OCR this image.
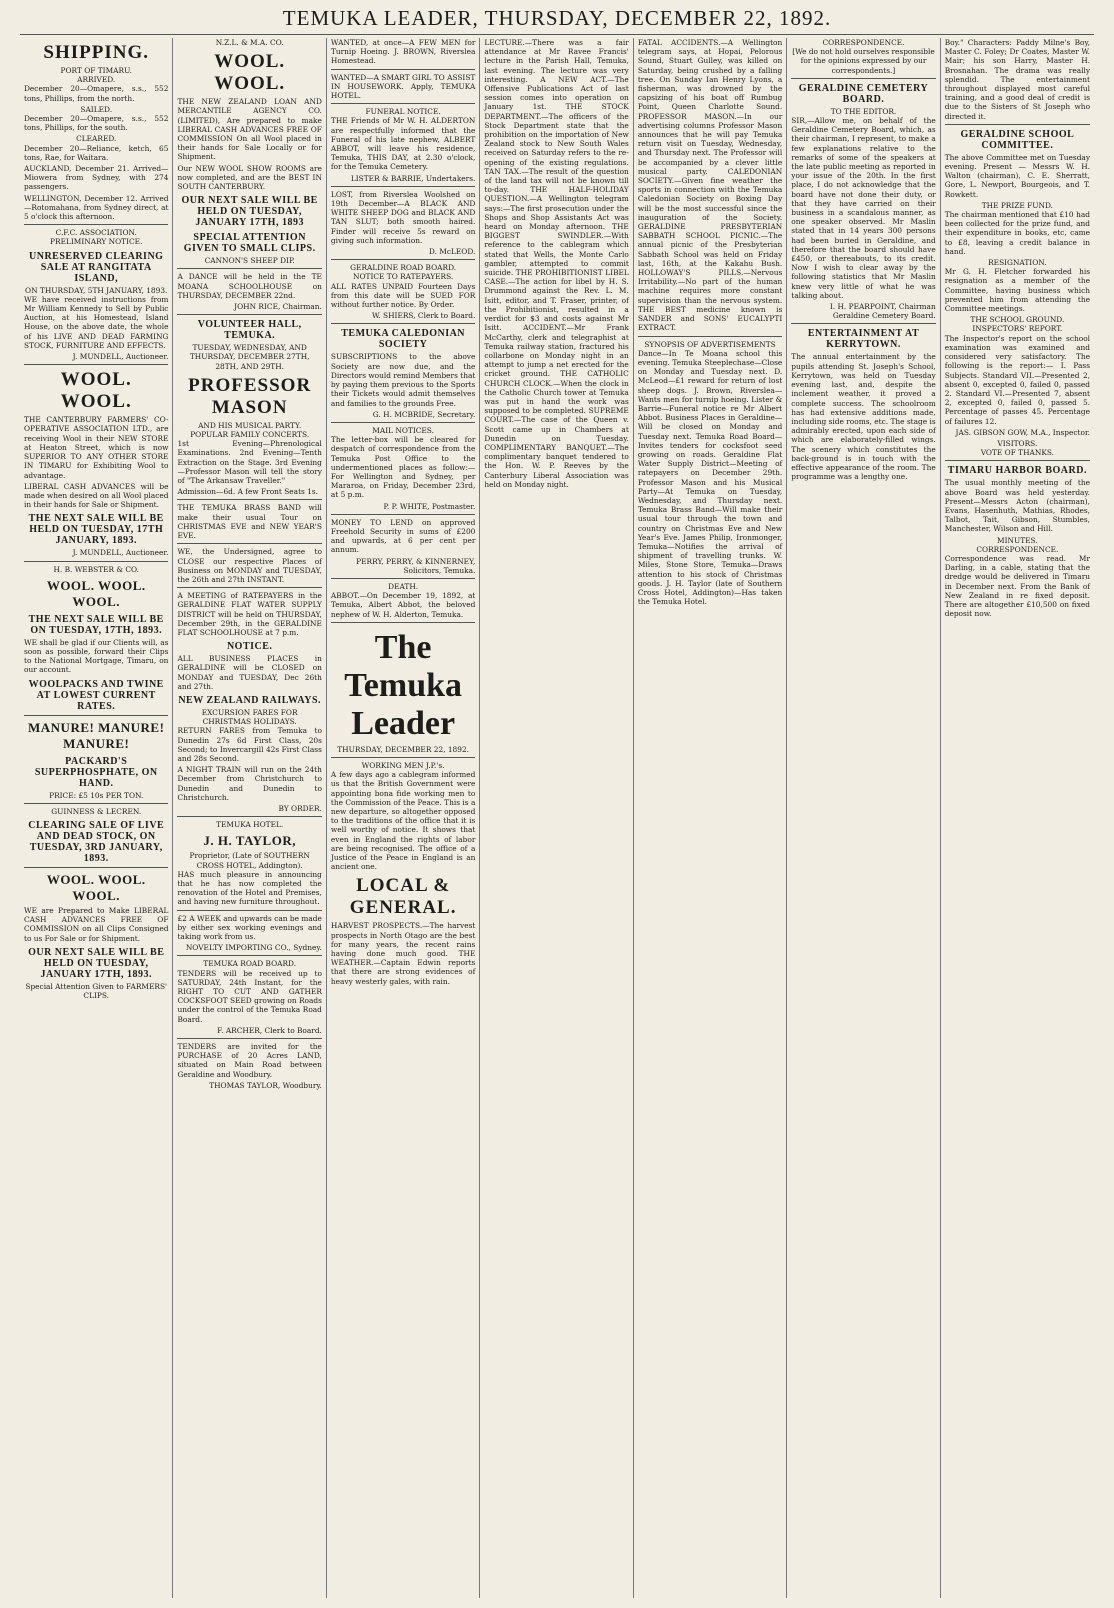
TEMUKA LEADER, THURSDAY, DECEMBER 22, 1892.
SHIPPING.
PORT OF TIMARU.
ARRIVED.
December 20—Omapere, s.s., 552 tons, Phillips, from the north.
SAILED.
December 20—Omapere, s.s., 552 tons, Phillips, for the south.
CLEARED.
December 20—Reliance, ketch, 65 tons, Rae, for Waitara.
AUCKLAND, December 21. Arrived—Miowera from Sydney, with 274 passengers.
WELLINGTON, December 12. Arrived—Rotomahana, from Sydney direct, at 5 o'clock this afternoon.
C.F.C. ASSOCIATION.
PRELIMINARY NOTICE.
UNRESERVED CLEARING SALE AT RANGITATA ISLAND,
ON THURSDAY, 5TH JANUARY, 1893.
WE have received instructions from Mr William Kennedy to Sell by Public Auction, at his Homestead, Island House, on the above date, the whole of his LIVE AND DEAD FARMING STOCK, FURNITURE AND EFFECTS.
J. MUNDELL, Auctioneer.
WOOL. WOOL.
THE CANTERBURY FARMERS' CO-OPERATIVE ASSOCIATION LTD., are receiving Wool in their NEW STORE at Heaton Street, which is now SUPERIOR TO ANY OTHER STORE IN TIMARU for Exhibiting Wool to advantage.
LIBERAL CASH ADVANCES will be made when desired on all Wool placed in their hands for Sale or Shipment.
THE NEXT SALE WILL BE HELD ON TUESDAY, 17TH JANUARY, 1893.
J. MUNDELL, Auctioneer.
H. B. WEBSTER & CO.
WOOL. WOOL. WOOL.
THE NEXT SALE WILL BE ON TUESDAY, 17TH, 1893.
WE shall be glad if our Clients will, as soon as possible, forward their Clips to the National Mortgage, Timaru, on our account.
WOOLPACKS AND TWINE AT LOWEST CURRENT RATES.
MANURE! MANURE! MANURE!
PACKARD'S SUPERPHOSPHATE, ON HAND.
PRICE: £5 10s PER TON.
GUINNESS & LECREN.
CLEARING SALE OF LIVE AND DEAD STOCK, ON TUESDAY, 3RD JANUARY, 1893.
WOOL. WOOL. WOOL.
WE are Prepared to Make LIBERAL CASH ADVANCES FREE OF COMMISSION on all Clips Consigned to us For Sale or for Shipment.
OUR NEXT SALE WILL BE HELD ON TUESDAY, JANUARY 17TH, 1893.
Special Attention Given to FARMERS' CLIPS.
N.Z.L. & M.A. CO.
WOOL. WOOL.
THE NEW ZEALAND LOAN AND MERCANTILE AGENCY CO. (LIMITED), Are prepared to make LIBERAL CASH ADVANCES FREE OF COMMISSION On all Wool placed in their hands for Sale Locally or for Shipment.
Our NEW WOOL SHOW ROOMS are now completed, and are the BEST IN SOUTH CANTERBURY.
OUR NEXT SALE WILL BE HELD ON TUESDAY, JANUARY 17TH, 1893
SPECIAL ATTENTION GIVEN TO SMALL CLIPS.
CANNON'S SHEEP DIP.
A DANCE will be held in the TE MOANA SCHOOLHOUSE on THURSDAY, DECEMBER 22nd.
JOHN RICE, Chairman.
VOLUNTEER HALL, TEMUKA.
TUESDAY, WEDNESDAY, AND THURSDAY, DECEMBER 27TH, 28TH, AND 29TH.
PROFESSOR MASON
AND HIS MUSICAL PARTY.
POPULAR FAMILY CONCERTS.
1st Evening—Phrenological Examinations. 2nd Evening—Tenth Extraction on the Stage. 3rd Evening—Professor Mason will tell the story of "The Arkansaw Traveller."
Admission—6d. A few Front Seats 1s.
THE TEMUKA BRASS BAND will make their usual Tour on CHRISTMAS EVE and NEW YEAR'S EVE.
WE, the Undersigned, agree to CLOSE our respective Places of Business on MONDAY and TUESDAY, the 26th and 27th INSTANT.
A MEETING of RATEPAYERS in the GERALDINE FLAT WATER SUPPLY DISTRICT will be held on THURSDAY, December 29th, in the GERALDINE FLAT SCHOOLHOUSE at 7 p.m.
NOTICE.
ALL BUSINESS PLACES in GERALDINE will be CLOSED on MONDAY and TUESDAY, Dec 26th and 27th.
NEW ZEALAND RAILWAYS.
EXCURSION FARES FOR CHRISTMAS HOLIDAYS.
RETURN FARES from Temuka to Dunedin 27s 6d First Class, 20s Second; to Invercargill 42s First Class and 28s Second.
A NIGHT TRAIN will run on the 24th December from Christchurch to Dunedin and Dunedin to Christchurch.
BY ORDER.
TEMUKA HOTEL.
J. H. TAYLOR,
Proprietor, (Late of SOUTHERN CROSS HOTEL, Addington).
HAS much pleasure in announcing that he has now completed the renovation of the Hotel and Premises, and having new furniture throughout.
£2 A WEEK and upwards can be made by either sex working evenings and taking work from us.
NOVELTY IMPORTING CO., Sydney.
TEMUKA ROAD BOARD.
TENDERS will be received up to SATURDAY, 24th Instant, for the RIGHT TO CUT AND GATHER COCKSFOOT SEED growing on Roads under the control of the Temuka Road Board.
F. ARCHER, Clerk to Board.
TENDERS are invited for the PURCHASE of 20 Acres LAND, situated on Main Road between Geraldine and Woodbury.
THOMAS TAYLOR, Woodbury.
WANTED, at once—A FEW MEN for Turnip Hoeing. J. BROWN, Riverslea Homestead.
WANTED—A SMART GIRL TO ASSIST IN HOUSEWORK. Apply, TEMUKA HOTEL.
FUNERAL NOTICE.
THE Friends of Mr W. H. ALDERTON are respectfully informed that the Funeral of his late nephew, ALBERT ABBOT, will leave his residence, Temuka, THIS DAY, at 2.30 o'clock, for the Temuka Cemetery.
LISTER & BARRIE, Undertakers.
LOST, from Riverslea Woolshed on 19th December—A BLACK AND WHITE SHEEP DOG and BLACK AND TAN SLUT; both smooth haired. Finder will receive 5s reward on giving such information.
D. McLEOD.
GERALDINE ROAD BOARD.
NOTICE TO RATEPAYERS.
ALL RATES UNPAID Fourteen Days from this date will be SUED FOR without further notice. By Order.
W. SHIERS, Clerk to Board.
TEMUKA CALEDONIAN SOCIETY
SUBSCRIPTIONS to the above Society are now due, and the Directors would remind Members that by paying them previous to the Sports their Tickets would admit themselves and families to the grounds Free.
G. H. MCBRIDE, Secretary.
MAIL NOTICES.
The letter-box will be cleared for despatch of correspondence from the Temuka Post Office to the undermentioned places as follow:— For Wellington and Sydney, per Mararoa, on Friday, December 23rd, at 5 p.m.
P. P. WHITE, Postmaster.
MONEY TO LEND on approved Freehold Security in sums of £200 and upwards, at 6 per cent per annum.
PERRY, PERRY, & KINNERNEY, Solicitors, Temuka.
DEATH.
ABBOT.—On December 19, 1892, at Temuka, Albert Abbot, the beloved nephew of W. H. Alderton, Temuka.
The Temuka Leader
THURSDAY, DECEMBER 22, 1892.
WORKING MEN J.P.'s.
A few days ago a cablegram informed us that the British Government were appointing bona fide working men to the Commission of the Peace. This is a new departure, so altogether opposed to the traditions of the office that it is well worthy of notice. It shows that even in England the rights of labor are being recognised. The office of a Justice of the Peace in England is an ancient one.
LOCAL & GENERAL.
HARVEST PROSPECTS.—The harvest prospects in North Otago are the best for many years, the recent rains having done much good. THE WEATHER.—Captain Edwin reports that there are strong evidences of heavy westerly gales, with rain.
LECTURE.—There was a fair attendance at Mr Ravee Francis' lecture in the Parish Hall, Temuka, last evening. The lecture was very interesting. A NEW ACT.—The Offensive Publications Act of last session comes into operation on January 1st. THE STOCK DEPARTMENT.—The officers of the Stock Department state that the prohibition on the importation of New Zealand stock to New South Wales received on Saturday refers to the re-opening of the existing regulations. TAN TAX.—The result of the question of the land tax will not be known till to-day. THE HALF-HOLIDAY QUESTION.—A Wellington telegram says:—The first prosecution under the Shops and Shop Assistants Act was heard on Monday afternoon. THE BIGGEST SWINDLER.—With reference to the cablegram which stated that Wells, the Monte Carlo gambler, attempted to commit suicide. THE PROHIBITIONIST LIBEL CASE.—The action for libel by H. S. Drummond against the Rev. L. M. Isitt, editor, and T. Fraser, printer, of the Prohibitionist, resulted in a verdict for $3 and costs against Mr Isitt. ACCIDENT.—Mr Frank McCarthy, clerk and telegraphist at Temuka railway station, fractured his collarbone on Monday night in an attempt to jump a net erected for the cricket ground. THE CATHOLIC CHURCH CLOCK.—When the clock in the Catholic Church tower at Temuka was put in hand the work was supposed to be completed. SUPREME COURT.—The case of the Queen v. Scott came up in Chambers at Dunedin on Tuesday. COMPLIMENTARY BANQUET.—The complimentary banquet tendered to the Hon. W. P. Reeves by the Canterbury Liberal Association was held on Monday night.
FATAL ACCIDENTS.—A Wellington telegram says, at Hopai, Pelorous Sound, Stuart Gulley, was killed on Saturday, being crushed by a falling tree. On Sunday Ian Henry Lyons, a fisherman, was drowned by the capsizing of his boat off Rumbug Point, Queen Charlotte Sound. PROFESSOR MASON.—In our advertising columns Professor Mason announces that he will pay Temuka return visit on Tuesday, Wednesday, and Thursday next. The Professor will be accompanied by a clever little musical party. CALEDONIAN SOCIETY.—Given fine weather the sports in connection with the Temuka Caledonian Society on Boxing Day will be the most successful since the inauguration of the Society. GERALDINE PRESBYTERIAN SABBATH SCHOOL PICNIC.—The annual picnic of the Presbyterian Sabbath School was held on Friday last, 16th, at the Kakahu Bush. HOLLOWAY'S PILLS.—Nervous Irritability.—No part of the human machine requires more constant supervision than the nervous system. THE BEST medicine known is SANDER and SONS' EUCALYPTI EXTRACT.
SYNOPSIS OF ADVERTISEMENTS
Dance—In Te Moana school this evening. Temuka Steeplechase—Close on Monday and Tuesday next. D. McLeod—£1 reward for return of lost sheep dogs. J. Brown, Riverslea—Wants men for turnip hoeing. Lister & Barrie—Funeral notice re Mr Albert Abbot. Business Places in Geraldine—Will be closed on Monday and Tuesday next. Temuka Road Board—Invites tenders for cocksfoot seed growing on roads. Geraldine Flat Water Supply District—Meeting of ratepayers on December 29th. Professor Mason and his Musical Party—At Temuka on Tuesday, Wednesday, and Thursday next. Temuka Brass Band—Will make their usual tour through the town and country on Christmas Eve and New Year's Eve. James Philip, Ironmonger, Temuka—Notifies the arrival of shipment of travelling trunks. W. Miles, Stone Store, Temuka—Draws attention to his stock of Christmas goods. J. H. Taylor (late of Southern Cross Hotel, Addington)—Has taken the Temuka Hotel.
CORRESPONDENCE.
[We do not hold ourselves responsible for the opinions expressed by our correspondents.]
GERALDINE CEMETERY BOARD.
TO THE EDITOR.
SIR,—Allow me, on behalf of the Geraldine Cemetery Board, which, as their chairman, I represent, to make a few explanations relative to the remarks of some of the speakers at the late public meeting as reported in your issue of the 20th. In the first place, I do not acknowledge that the board have not done their duty, or that they have carried on their business in a scandalous manner, as one speaker observed. Mr Maslin stated that in 14 years 300 persons had been buried in Geraldine, and therefore that the board should have £450, or thereabouts, to its credit. Now I wish to clear away by the following statistics that Mr Maslin knew very little of what he was talking about.
I. H. PEARPOINT, Chairman Geraldine Cemetery Board.
ENTERTAINMENT AT KERRYTOWN.
The annual entertainment by the pupils attending St. Joseph's School, Kerrytown, was held on Tuesday evening last, and, despite the inclement weather, it proved a complete success. The schoolroom has had extensive additions made, including side rooms, etc. The stage is admirably erected, upon each side of which are elaborately-filled wings. The scenery which constitutes the back-ground is in touch with the effective appearance of the room. The programme was a lengthy one.
Boy." Characters: Paddy Milne's Boy, Master C. Foley; Dr Coates, Master W. Mair; his son Harry, Master H. Brosnahan. The drama was really splendid. The entertainment throughout displayed most careful training, and a good deal of credit is due to the Sisters of St Joseph who directed it.
GERALDINE SCHOOL COMMITTEE.
The above Committee met on Tuesday evening. Present — Messrs W. H. Walton (chairman), C. E. Sherratt, Gore, L. Newport, Bourgeois, and T. Rowkett.
THE PRIZE FUND.
The chairman mentioned that £10 had been collected for the prize fund, and their expenditure in books, etc, came to £8, leaving a credit balance in hand.
RESIGNATION.
Mr G. H. Fletcher forwarded his resignation as a member of the Committee, having business which prevented him from attending the Committee meetings.
THE SCHOOL GROUND.
INSPECTORS' REPORT.
The Inspector's report on the school examination was examined and considered very satisfactory. The following is the report:— I. Pass Subjects. Standard VII.—Presented 2, absent 0, excepted 0, failed 0, passed 2. Standard VI.—Presented 7, absent 2, excepted 0, failed 0, passed 5. Percentage of passes 45. Percentage of failures 12.
JAS. GIBSON GOW, M.A., Inspector.
VISITORS.
VOTE OF THANKS.
TIMARU HARBOR BOARD.
The usual monthly meeting of the above Board was held yesterday. Present—Messrs Acton (chairman), Evans, Hasenhuth, Mathias, Rhodes, Talbot, Tait, Gibson, Stumbles, Manchester, Wilson and Hill.
MINUTES.
CORRESPONDENCE.
Correspondence was read. Mr Darling, in a cable, stating that the dredge would be delivered in Timaru in December next. From the Bank of New Zealand in re fixed deposit. There are altogether £10,500 on fixed deposit now.
